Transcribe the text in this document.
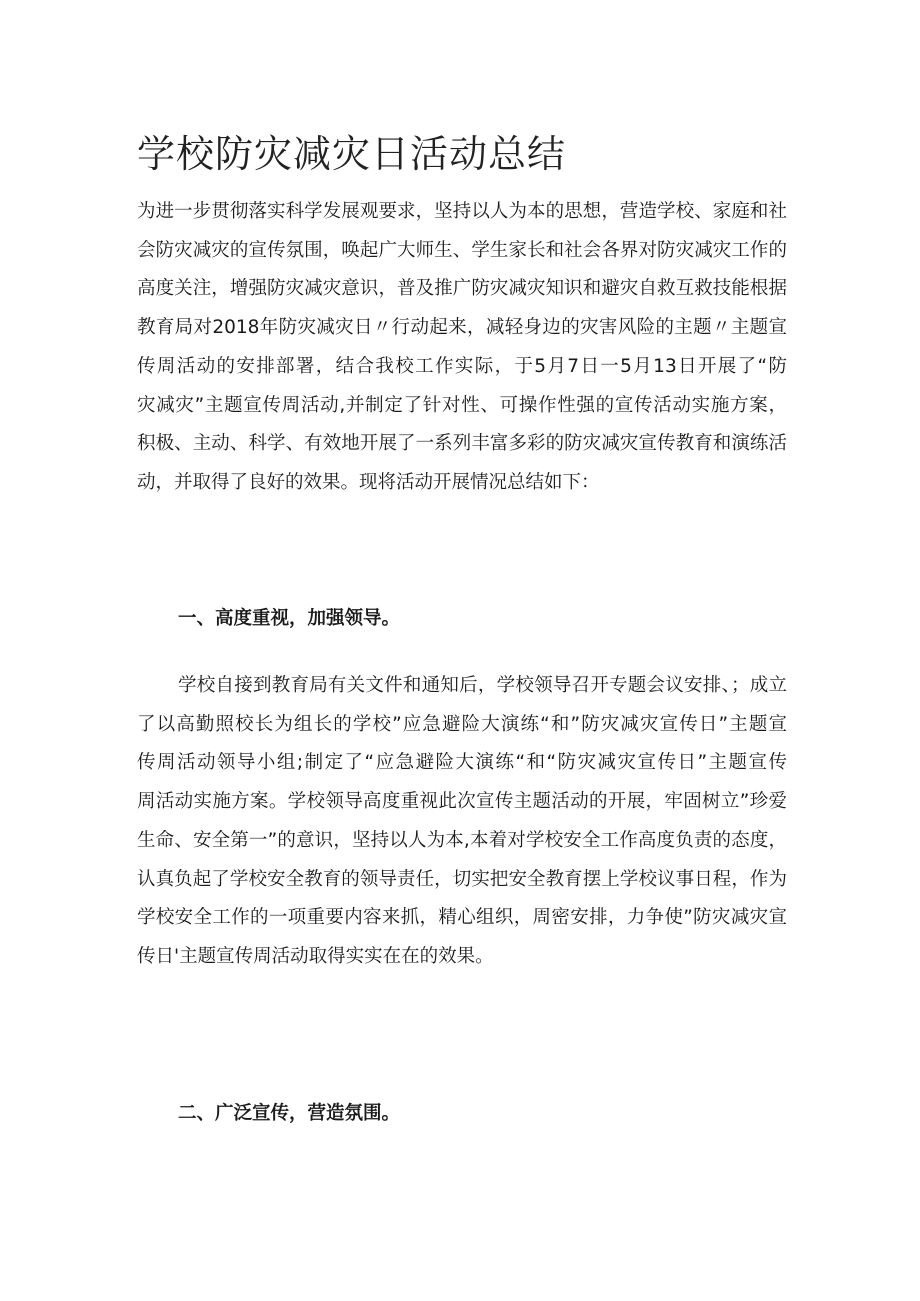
学校防灾减灾日活动总结
为进一步贯彻落实科学发展观要求，坚持以人为本的思想，营造学校、家庭和社
会防灾减灾的宣传氛围，唤起广大师生、学生家长和社会各界对防灾减灾工作的
高度关注，增强防灾减灾意识，普及推广防灾减灾知识和避灾自救互救技能根据
教育局对2018年防灾减灾日〃行动起来，减轻身边的灾害风险的主题〃主题宣
传周活动的安排部署，结合我校工作实际，于5月7日一5月13日开展了“防
灾减灾”主题宣传周活动,并制定了针对性、可操作性强的宣传活动实施方案，
积极、主动、科学、有效地开展了一系列丰富多彩的防灾减灾宣传教育和演练活
动，并取得了良好的效果。现将活动开展情况总结如下：
一、高度重视，加强领导。
学校自接到教育局有关文件和通知后，学校领导召开专题会议安排、；成立
了以高勤照校长为组长的学校”应急避险大演练“和”防灾减灾宣传日”主题宣
传周活动领导小组;制定了“应急避险大演练“和“防灾减灾宣传日”主题宣传
周活动实施方案。学校领导高度重视此次宣传主题活动的开展，牢固树立”珍爱
生命、安全第一”的意识，坚持以人为本,本着对学校安全工作高度负责的态度，
认真负起了学校安全教育的领导责任，切实把安全教育摆上学校议事日程，作为
学校安全工作的一项重要内容来抓，精心组织，周密安排，力争使”防灾减灾宣
传日'主题宣传周活动取得实实在在的效果。
二、广泛宣传，营造氛围。
